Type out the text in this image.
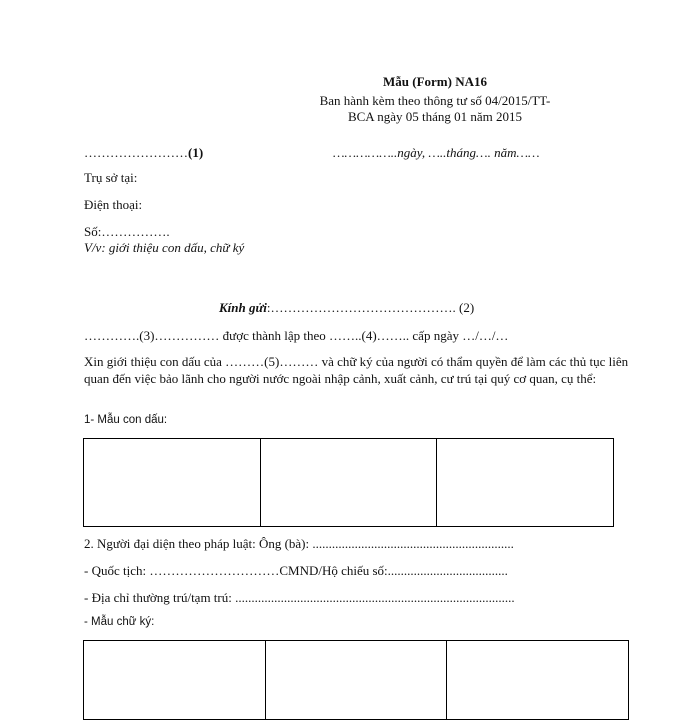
Mẫu (Form) NA16
Ban hành kèm theo thông tư số 04/2015/TT-
BCA ngày 05 tháng 01 năm 2015
……………………(1)	……………..ngày, …..tháng…. năm……
Trụ sở tại:
Điện thoại:
Số:…………….
V/v: giới thiệu con dấu, chữ ký
Kính gửi:……………………………………. (2)
………….(3)…………… được thành lập theo ……..(4)…….. cấp ngày …/…/…
Xin giới thiệu con dấu của ………(5)……… và chữ ký của người có thẩm quyền để làm các thủ tục liên quan đến việc bảo lãnh cho người nước ngoài nhập cảnh, xuất cảnh, cư trú tại quý cơ quan, cụ thể:
1- Mẫu con dấu:
2. Người đại diện theo pháp luật: Ông (bà): ..............................................................
- Quốc tịch: …………………………CMND/Hộ chiếu số:.....................................
- Địa chỉ thường trú/tạm trú: ......................................................................................
- Mẫu chữ ký:
